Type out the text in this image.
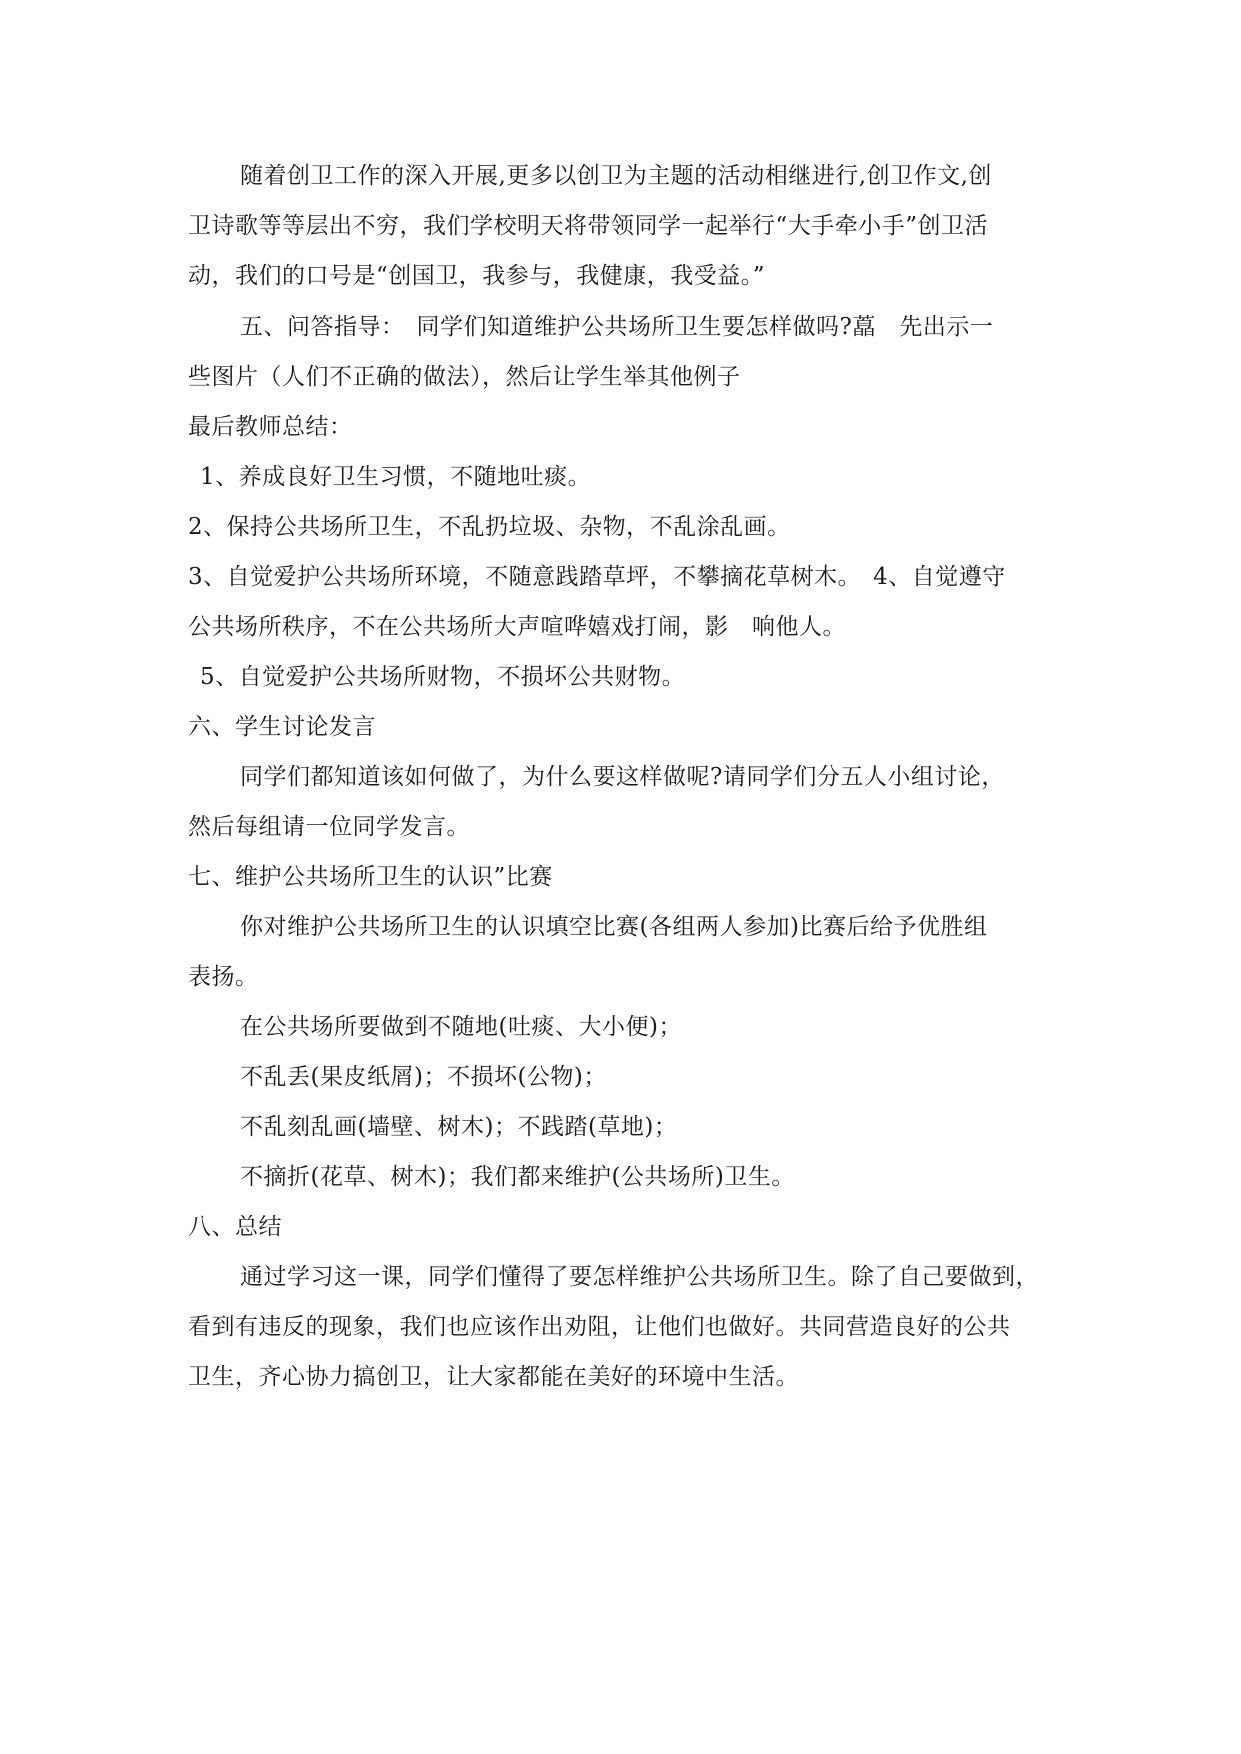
随着创卫工作的深入开展,更多以创卫为主题的活动相继进行,创卫作文,创
卫诗歌等等层出不穷，我们学校明天将带领同学一起举行“大手牵小手”创卫活
动，我们的口号是“创国卫，我参与，我健康，我受益。”
五、问答指导：　同学们知道维护公共场所卫生要怎样做吗?藠　先出示一
些图片（人们不正确的做法），然后让学生举其他例子
最后教师总结：
1、养成良好卫生习惯，不随地吐痰。
2、保持公共场所卫生，不乱扔垃圾、杂物，不乱涂乱画。
3、自觉爱护公共场所环境，不随意践踏草坪，不攀摘花草树木。　4、自觉遵守
公共场所秩序，不在公共场所大声喧哗嬉戏打闹，影　响他人。
5、自觉爱护公共场所财物，不损坏公共财物。
六、学生讨论发言
同学们都知道该如何做了，为什么要这样做呢?请同学们分五人小组讨论，
然后每组请一位同学发言。
七、维护公共场所卫生的认识”比赛
你对维护公共场所卫生的认识填空比赛(各组两人参加)比赛后给予优胜组
表扬。
在公共场所要做到不随地(吐痰、大小便)；
不乱丢(果皮纸屑)；不损坏(公物)；
不乱刻乱画(墙壁、树木)；不践踏(草地)；
不摘折(花草、树木)；我们都来维护(公共场所)卫生。
八、总结
通过学习这一课，同学们懂得了要怎样维护公共场所卫生。除了自己要做到，
看到有违反的现象，我们也应该作出劝阻，让他们也做好。共同营造良好的公共
卫生，齐心协力搞创卫，让大家都能在美好的环境中生活。
